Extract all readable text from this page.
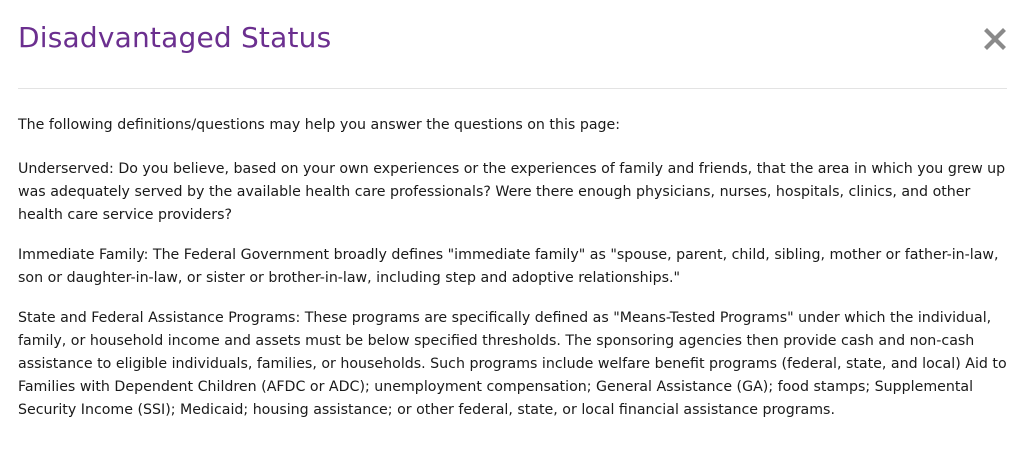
Disadvantaged Status

The following definitions/questions may help you answer the questions on this page:

Underserved: Do you believe, based on your own experiences or the experiences of family and friends, that the area in which you grew up was adequately served by the available health care professionals? Were there enough physicians, nurses, hospitals, clinics, and other health care service providers?

Immediate Family: The Federal Government broadly defines "immediate family" as "spouse, parent, child, sibling, mother or father-in-law, son or daughter-in-law, or sister or brother-in-law, including step and adoptive relationships."

State and Federal Assistance Programs: These programs are specifically defined as "Means-Tested Programs" under which the individual, family, or household income and assets must be below specified thresholds. The sponsoring agencies then provide cash and non-cash assistance to eligible individuals, families, or households. Such programs include welfare benefit programs (federal, state, and local) Aid to Families with Dependent Children (AFDC or ADC); unemployment compensation; General Assistance (GA); food stamps; Supplemental Security Income (SSI); Medicaid; housing assistance; or other federal, state, or local financial assistance programs.
